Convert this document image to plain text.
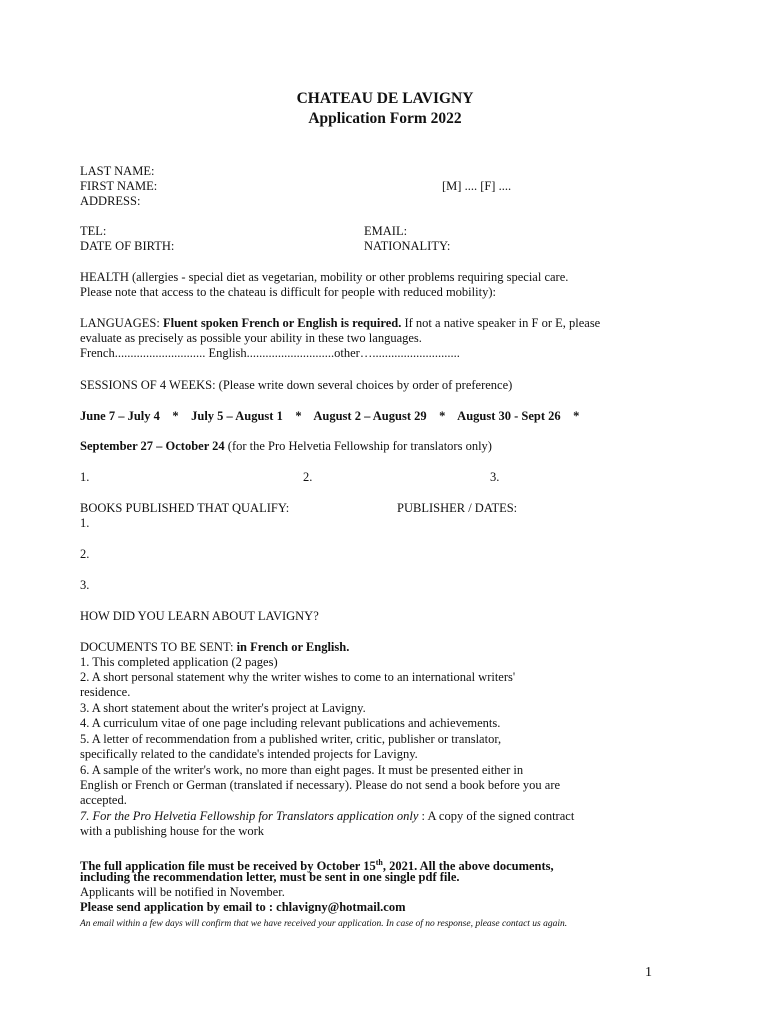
CHATEAU DE LAVIGNY
Application Form 2022
LAST NAME:
FIRST NAME:	[M] .... [F] ....
ADDRESS:
TEL:	EMAIL:
DATE OF BIRTH:	NATIONALITY:
HEALTH (allergies - special diet as vegetarian, mobility or other problems requiring special care.
Please note that access to the chateau is difficult for people with reduced mobility):
LANGUAGES: Fluent spoken French or English is required. If not a native speaker in F or E, please
evaluate as precisely as possible your ability in these two languages.
French............................. English............................other…............................
SESSIONS OF 4 WEEKS: (Please write down several choices by order of preference)
June 7 – July 4    *    July 5 – August 1    *    August 2 – August 29    *    August 30 - Sept 26    *
September 27 – October 24 (for the Pro Helvetia Fellowship for translators only)
1.	2.	3.
BOOKS PUBLISHED THAT QUALIFY:	PUBLISHER / DATES:
1.
2.
3.
HOW DID YOU LEARN ABOUT LAVIGNY?
DOCUMENTS TO BE SENT: in French or English.
1. This completed application (2 pages)
2. A short personal statement why the writer wishes to come to an international writers'
residence.
3. A short statement about the writer's project at Lavigny.
4. A curriculum vitae of one page including relevant publications and achievements.
5. A letter of recommendation from a published writer, critic, publisher or translator,
specifically related to the candidate's intended projects for Lavigny.
6. A sample of the writer's work, no more than eight pages. It must be presented either in
English or French or German (translated if necessary). Please do not send a book before you are
accepted.
7. For the Pro Helvetia Fellowship for Translators application only : A copy of the signed contract
with a publishing house for the work
The full application file must be received by October 15th, 2021. All the above documents,
including the recommendation letter, must be sent in one single pdf file.
Applicants will be notified in November.
Please send application by email to : chlavigny@hotmail.com
An email within a few days will confirm that we have received your application. In case of no response, please contact us again.
1
